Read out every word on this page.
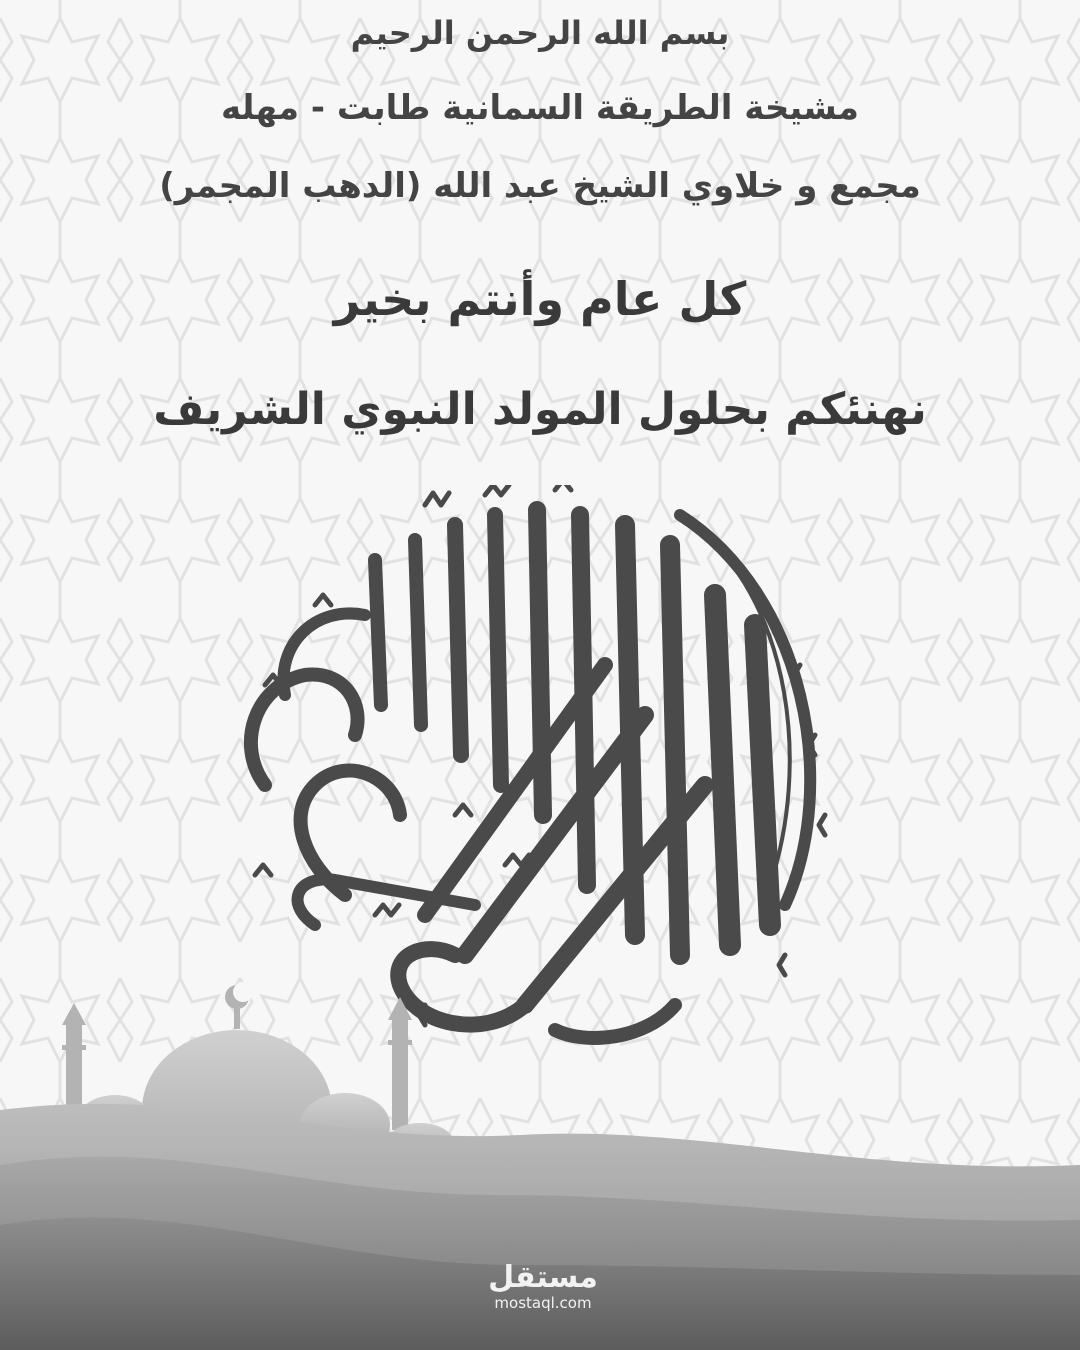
بسم الله الرحمن الرحيم
مشيخة الطريقة السمانية طابت - مهله
مجمع و خلاوي الشيخ عبد الله (الدهب المجمر)
كل عام وأنتم بخير
نهنئكم بحلول المولد النبوي الشريف
مستقل
mostaql.com
